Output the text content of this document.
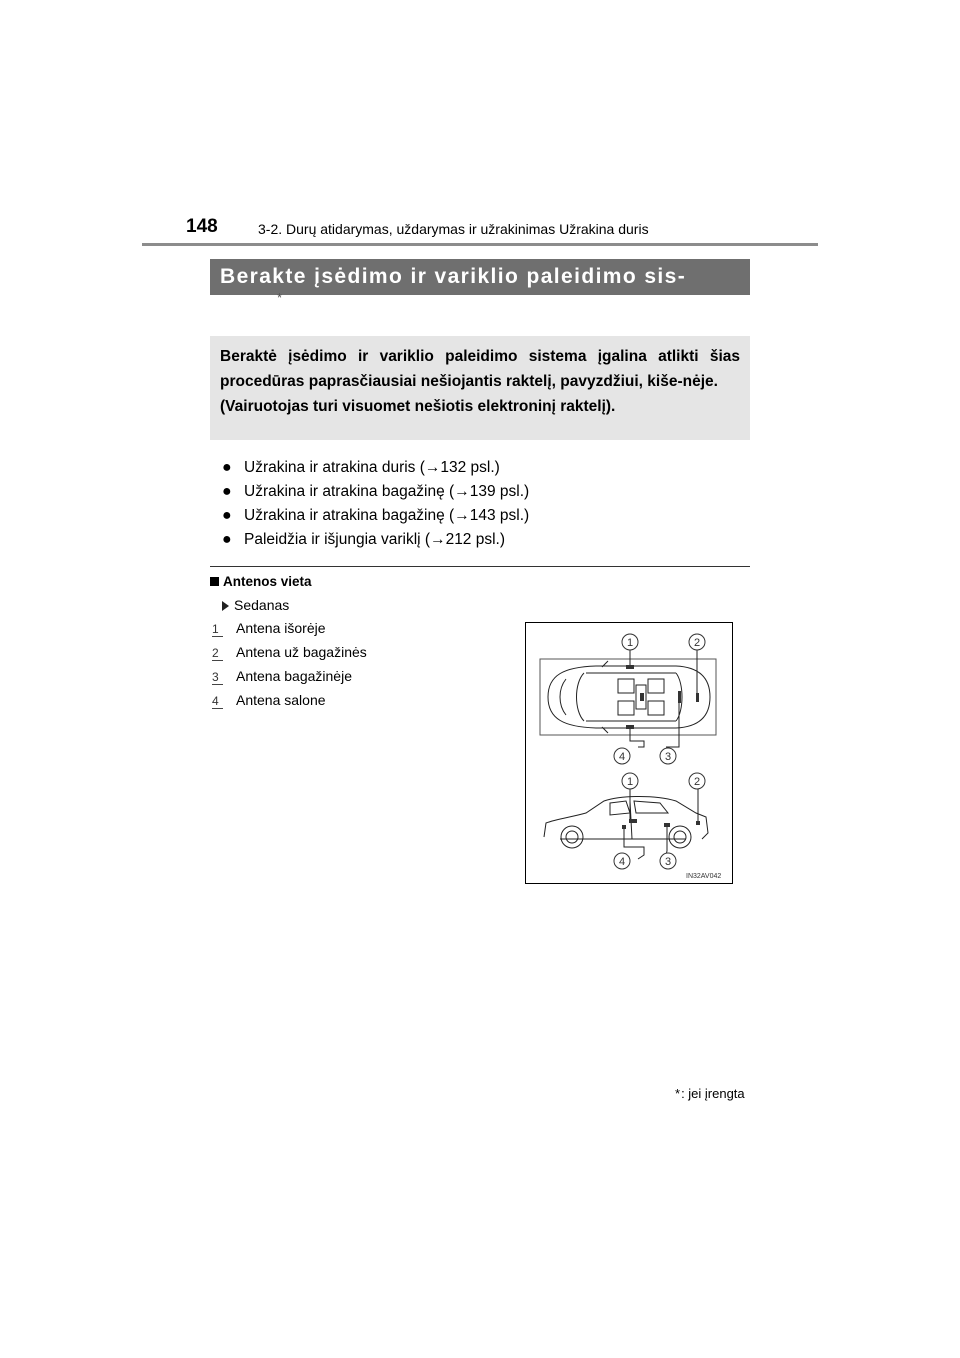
148	3-2. Durų atidarymas, uždarymas ir užrakinimas Užrakina duris
Berakte įsėdimo ir variklio paleidimo sis-
*

Beraktė įsėdimo ir variklio paleidimo sistema įgalina atlikti šias procedūras paprasčiausiai nešiojantis raktelį, pavyzdžiui, kiše-nėje.

(Vairuotojas turi visuomet nešiotis elektroninį raktelį).

● Užrakina ir atrakina duris (→132 psl.)
● Užrakina ir atrakina bagažinę (→139 psl.)
● Užrakina ir atrakina bagažinę (→143 psl.)
● Paleidžia ir išjungia variklį (→212 psl.)
Antenos vieta
Sedanas
1 Antena išorėje
2 Antena už bagažinės
3 Antena bagažinėje
4 Antena salone
1	2
4	3
1	2
4	3
IN32AV042
*: jei įrengta
